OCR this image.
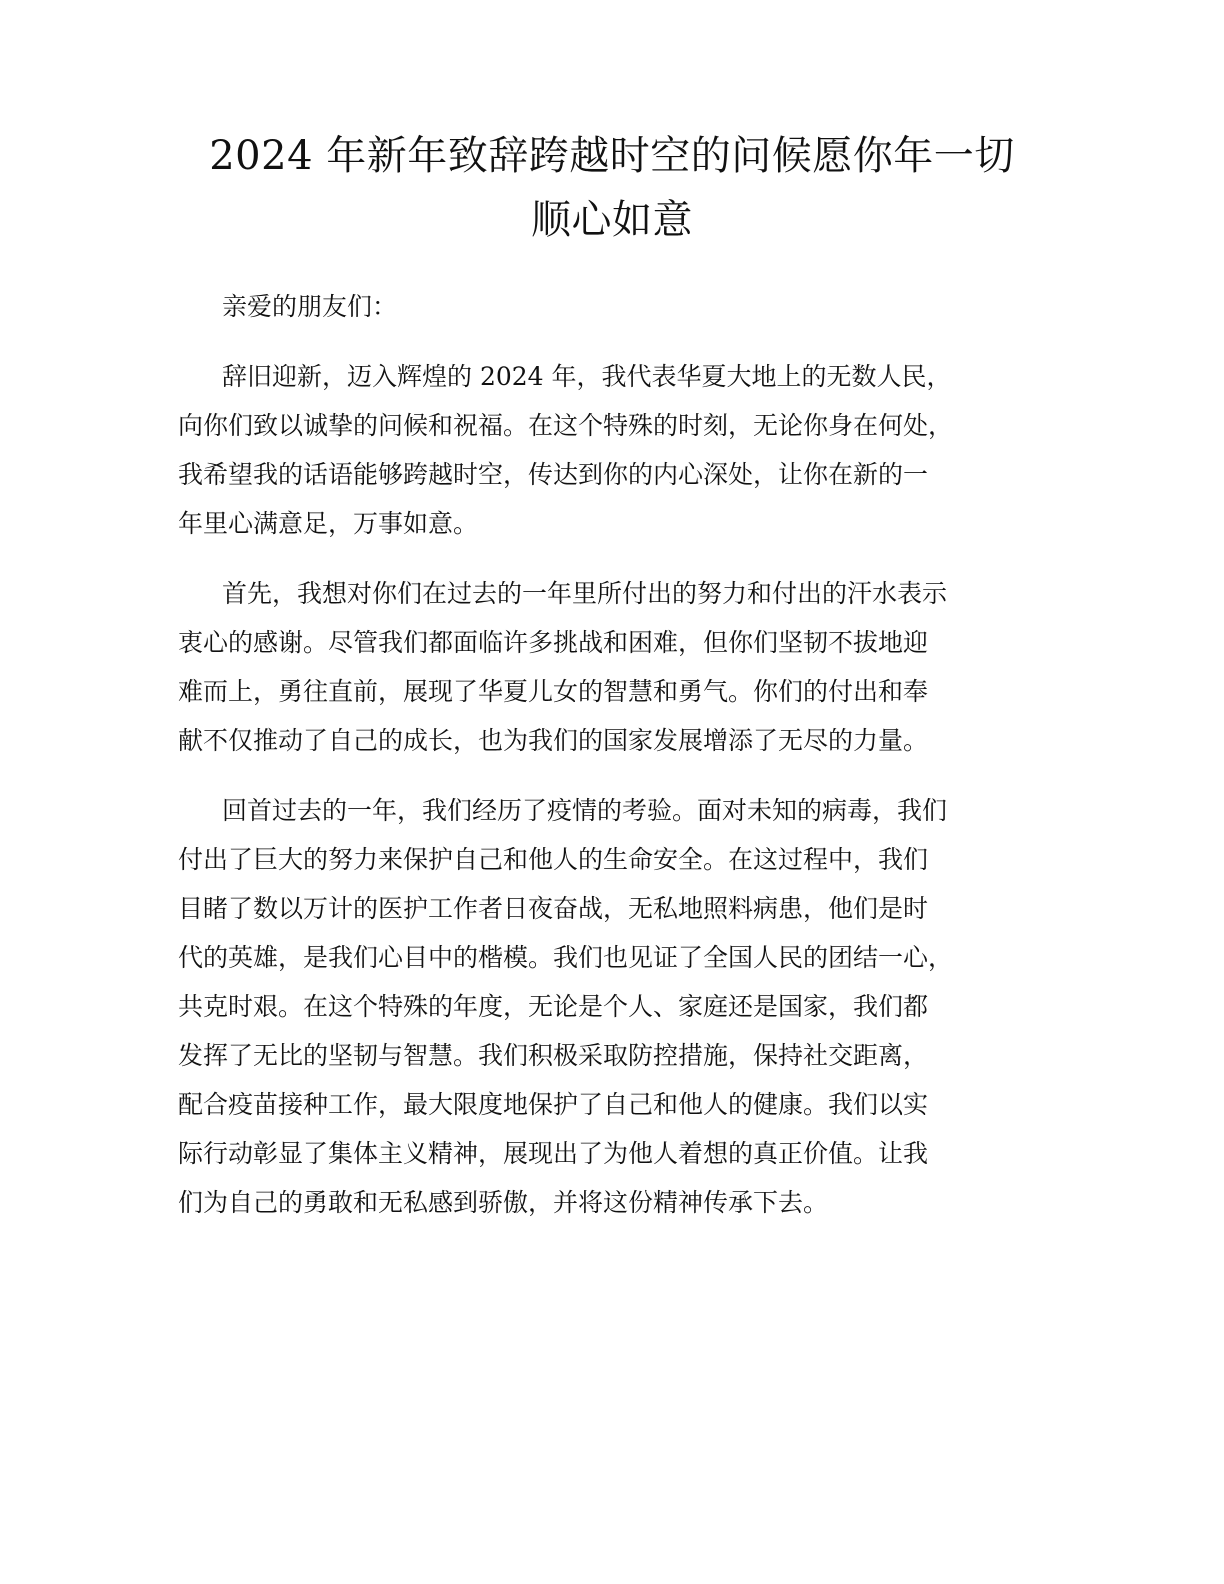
2024 年新年致辞跨越时空的问候愿你年一切
顺心如意

亲爱的朋友们：

辞旧迎新，迈入辉煌的 2024 年，我代表华夏大地上的无数人民，
向你们致以诚挚的问候和祝福。在这个特殊的时刻，无论你身在何处，
我希望我的话语能够跨越时空，传达到你的内心深处，让你在新的一
年里心满意足，万事如意。

首先，我想对你们在过去的一年里所付出的努力和付出的汗水表示
衷心的感谢。尽管我们都面临许多挑战和困难，但你们坚韧不拔地迎
难而上，勇往直前，展现了华夏儿女的智慧和勇气。你们的付出和奉
献不仅推动了自己的成长，也为我们的国家发展增添了无尽的力量。

回首过去的一年，我们经历了疫情的考验。面对未知的病毒，我们
付出了巨大的努力来保护自己和他人的生命安全。在这过程中，我们
目睹了数以万计的医护工作者日夜奋战，无私地照料病患，他们是时
代的英雄，是我们心目中的楷模。我们也见证了全国人民的团结一心，
共克时艰。在这个特殊的年度，无论是个人、家庭还是国家，我们都
发挥了无比的坚韧与智慧。我们积极采取防控措施，保持社交距离，
配合疫苗接种工作，最大限度地保护了自己和他人的健康。我们以实
际行动彰显了集体主义精神，展现出了为他人着想的真正价值。让我
们为自己的勇敢和无私感到骄傲，并将这份精神传承下去。
